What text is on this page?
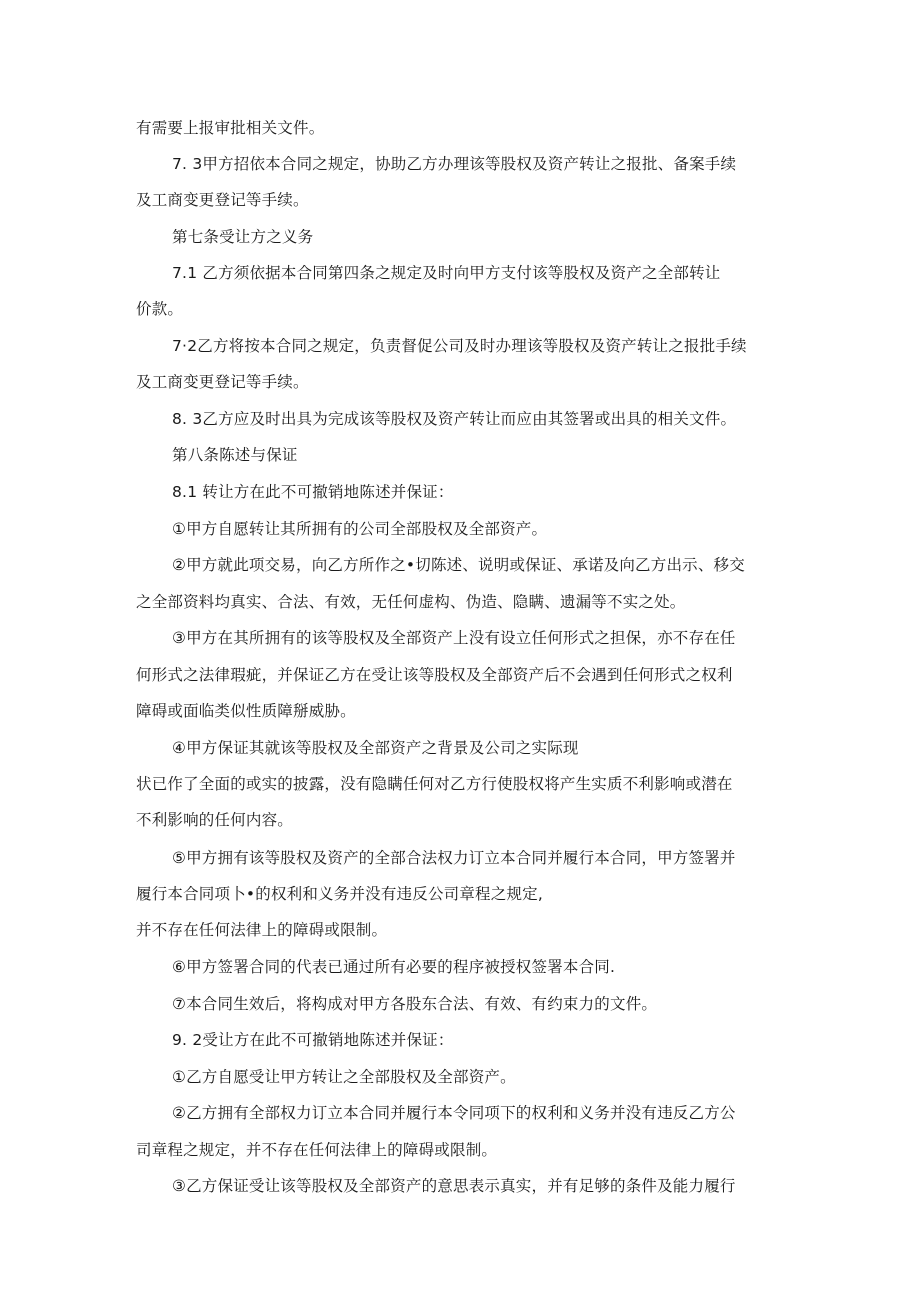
有需要上报审批相关文件。
7. 3甲方招依本合同之规定，协助乙方办理该等股权及资产转让之报批、备案手续
及工商变更登记等手续。
第七条受让方之义务
7.1 乙方须依据本合同第四条之规定及时向甲方支付该等股权及资产之全部转让
价款。
7·2乙方将按本合同之规定，负责督促公司及时办理该等股权及资产转让之报批手续
及工商变更登记等手续。
8. 3乙方应及时出具为完成该等股权及资产转让而应由其签署或出具的相关文件。
第八条陈述与保证
8.1 转让方在此不可撤销地陈述并保证：
①甲方自愿转让其所拥有的公司全部股权及全部资产。
②甲方就此项交易，向乙方所作之•切陈述、说明或保证、承诺及向乙方出示、移交
之全部资料均真实、合法、有效，无任何虚构、伪造、隐瞒、遗漏等不实之处。
③甲方在其所拥有的该等股权及全部资产上没有设立任何形式之担保，亦不存在任
何形式之法律瑕疵，并保证乙方在受让该等股权及全部资产后不会遇到任何形式之权利
障碍或面临类似性质障掰威胁。
④甲方保证其就该等股权及全部资产之背景及公司之实际现
状已作了全面的或实的披露，没有隐瞒任何对乙方行使股权将产生实质不利影响或潜在
不利影响的任何内容。
⑤甲方拥有该等股权及资产的全部合法权力订立本合同并履行本合同，甲方签署并
履行本合同项卜•的权利和义务并没有违反公司章程之规定,
并不存在任何法律上的障碍或限制。
⑥甲方签署合同的代表已通过所有必要的程序被授权签署本合同.
⑦本合同生效后，将构成对甲方各股东合法、有效、有约束力的文件。
9. 2受让方在此不可撤销地陈述并保证：
①乙方自愿受让甲方转让之全部股权及全部资产。
②乙方拥有全部权力订立本合同并履行本令同项下的权利和义务并没有违反乙方公
司章程之规定，并不存在任何法律上的障碍或限制。
③乙方保证受让该等股权及全部资产的意思表示真实，并有足够的条件及能力履行
